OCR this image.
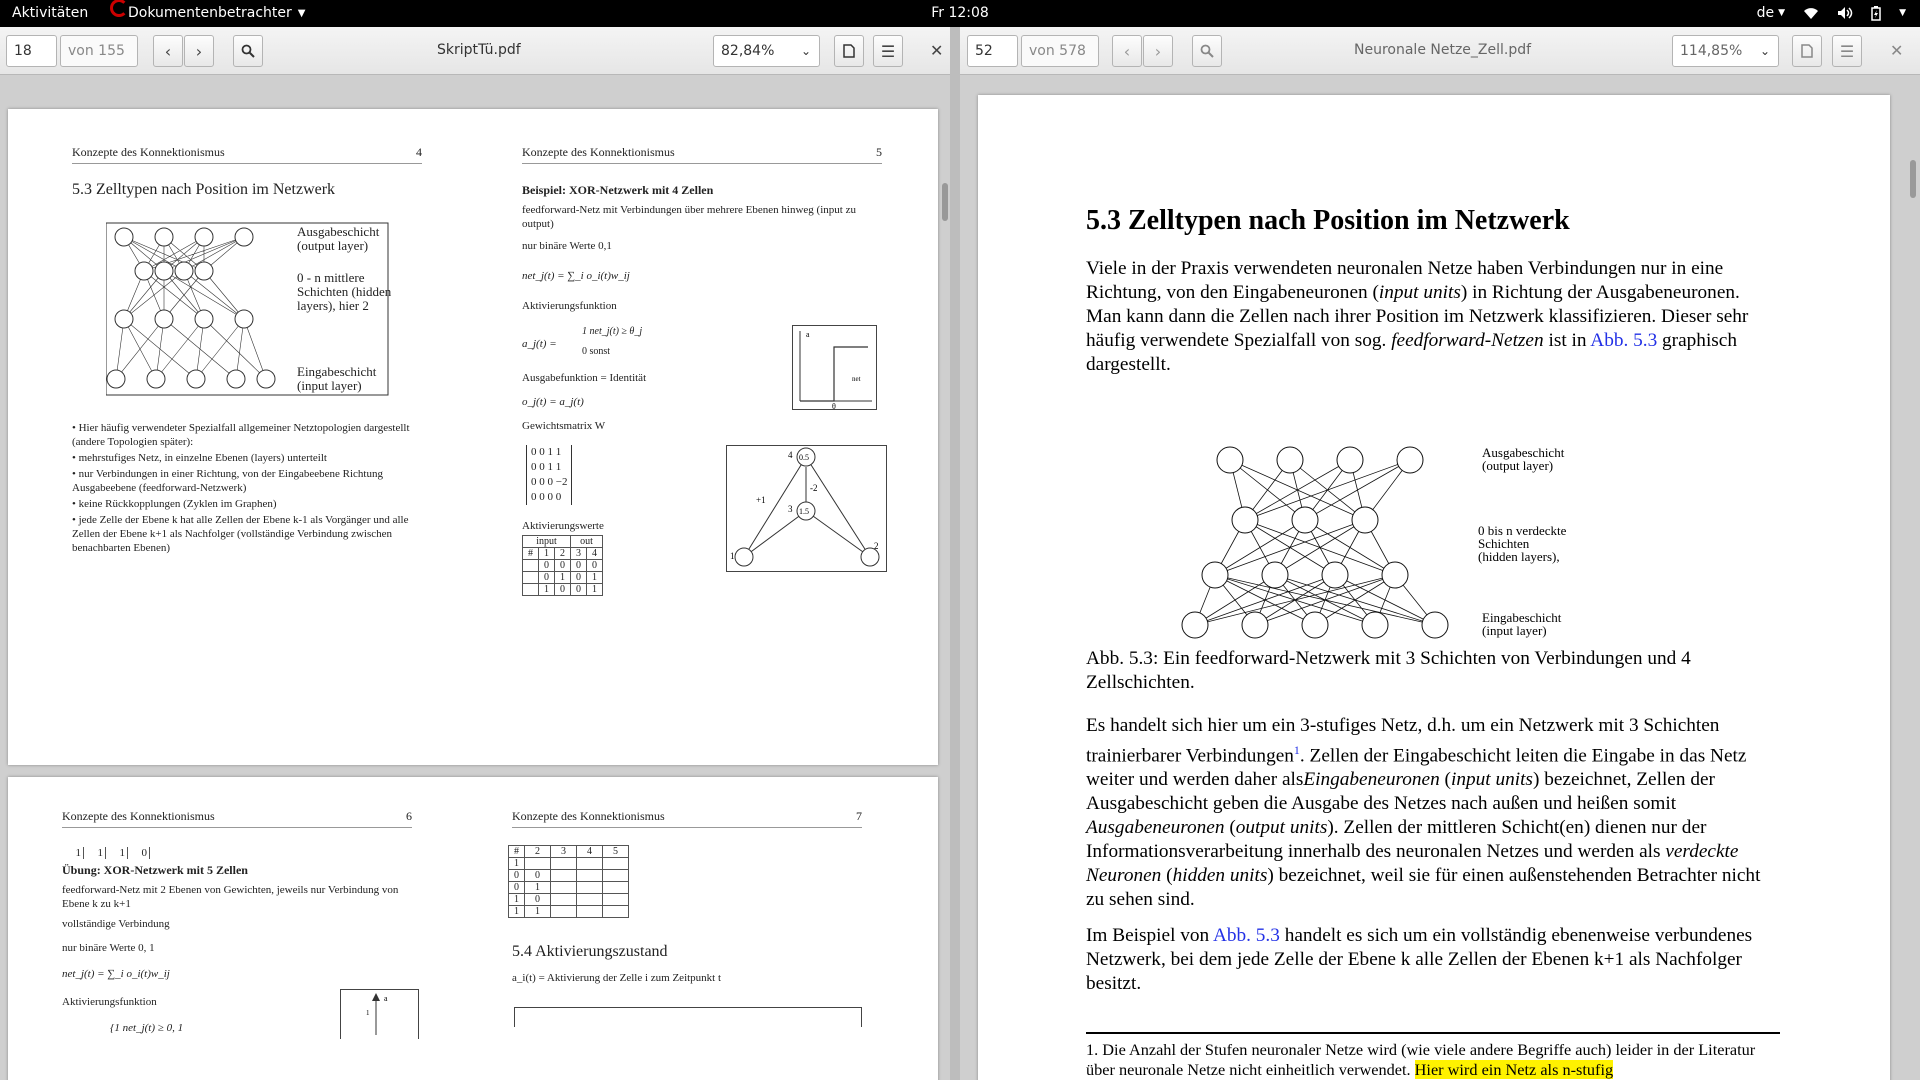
Aktivitäten	Dokumentenbetrachter ▼	Fr 12:08	de ▼	▼
18	von 155	‹ ›	SkriptTü.pdf	82,84% ⌄	☰ ✕
Konzepte des Konnektionismus	4
5.3 Zelltypen nach Position im Netzwerk
Ausgabeschicht (output layer)
0 - n mittlere Schichten (hidden layers), hier 2
Eingabeschicht (input layer)
• Hier häufig verwendeter Spezialfall allgemeiner Netztopologien dargestellt (andere Topologien später):
• mehrstufiges Netz, in einzelne Ebenen (layers) unterteilt
• nur Verbindungen in einer Richtung, von der Eingabeebene Richtung Ausgabeebene (feedforward-Netzwerk)
• keine Rückkopplungen (Zyklen im Graphen)
• jede Zelle der Ebene k hat alle Zellen der Ebene k-1 als Vorgänger und alle Zellen der Ebene k+1 als Nachfolger (vollständige Verbindung zwischen benachbarten Ebenen)
Konzepte des Konnektionismus	5
Beispiel: XOR-Netzwerk mit 4 Zellen
feedforward-Netz mit Verbindungen über mehrere Ebenen hinweg (input zu output)
nur binäre Werte 0,1
net_j(t) = ∑_i o_i(t)w_ij
Aktivierungsfunktion
a_j(t) =
1 net_j(t) ≥ θ_j
0 sonst
Ausgabefunktion = Identität
o_j(t) = a_j(t)
Gewichtsmatrix W
0 0 1 1
0 0 1 1
0 0 0 −2
0 0 0 0
Aktivierungswerte
input			out	
#	1	2	3	4
	0	0	0	0
	0	1	0	1
	1	0	0	1
a
net
θ
0.5
1.5
4
3
-2
+1
1
2
Konzepte des Konnektionismus	6
1	1	1	0
Übung: XOR-Netzwerk mit 5 Zellen
feedforward-Netz mit 2 Ebenen von Gewichten, jeweils nur Verbindung von Ebene k zu k+1
vollständige Verbindung
nur binäre Werte 0, 1
net_j(t) = ∑_i o_i(t)w_ij
Aktivierungsfunktion
{1 net_j(t) ≥ 0, 1
a
1
Konzepte des Konnektionismus	7
#	2	3	4	5
1				
0	0			
0	1			
1	0			
1	1			
5.4 Aktivierungszustand
a_i(t) = Aktivierung der Zelle i zum Zeitpunkt t
52	von 578	‹ ›	Neuronale Netze_Zell.pdf	114,85% ⌄	☰ ✕
5.3 Zelltypen nach Position im Netzwerk
Viele in der Praxis verwendeten neuronalen Netze haben Verbindungen nur in eine Richtung, von den Eingabeneuronen (input units) in Richtung der Ausgabeneuronen. Man kann dann die Zellen nach ihrer Position im Netzwerk klassifizieren. Dieser sehr häufig verwendete Spezialfall von sog. feedforward-Netzen ist in Abb. 5.3 graphisch dargestellt.
Ausgabeschicht
(output layer)
0 bis n verdeckte
Schichten
(hidden layers),
Eingabeschicht
(input layer)
Abb. 5.3: Ein feedforward-Netzwerk mit 3 Schichten von Verbindungen und 4 Zellschichten.
Es handelt sich hier um ein 3-stufiges Netz, d.h. um ein Netzwerk mit 3 Schichten trainierbarer Verbindungen$^1$. Zellen der Eingabeschicht leiten die Eingabe in das Netz weiter und werden daher alsEingabeneuronen (input units) bezeichnet, Zellen der Ausgabeschicht geben die Ausgabe des Netzes nach außen und heißen somit Ausgabeneuronen (output units). Zellen der mittleren Schicht(en) dienen nur der Informationsverarbeitung innerhalb des neuronalen Netzes und werden als verdeckte Neuronen (hidden units) bezeichnet, weil sie für einen außenstehenden Betrachter nicht zu sehen sind.
Im Beispiel von Abb. 5.3 handelt es sich um ein vollständig ebenenweise verbundenes Netzwerk, bei dem jede Zelle der Ebene k alle Zellen der Ebenen k+1 als Nachfolger besitzt.
1. Die Anzahl der Stufen neuronaler Netze wird (wie viele andere Begriffe auch) leider in der Literatur über neuronale Netze nicht einheitlich verwendet. Hier wird ein Netz als n-stufig
